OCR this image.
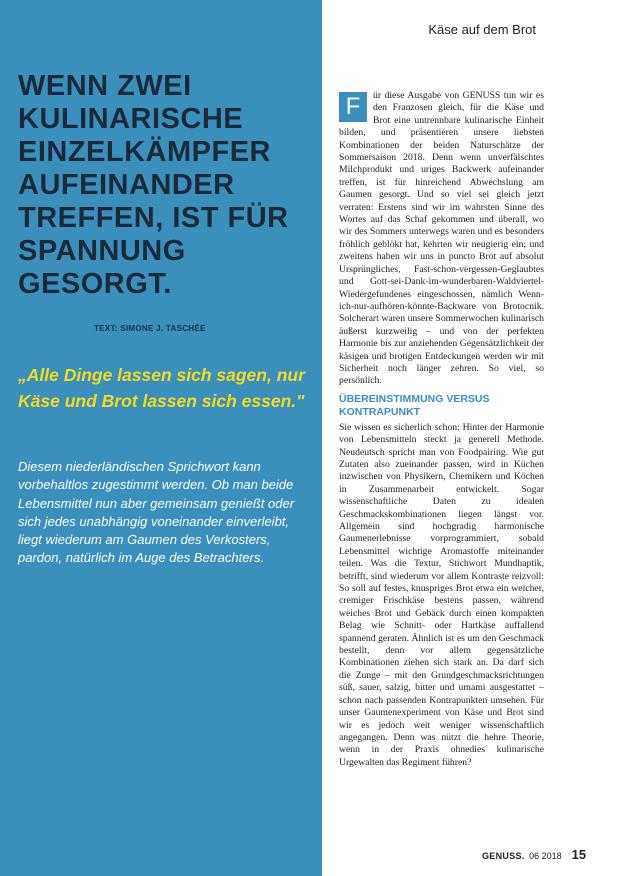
WENN ZWEI KULINARISCHE EINZELKÄMPFER AUFEINANDER TREFFEN, IST FÜR SPANNUNG GESORGT.
TEXT: SIMONE J. TASCHÉE

„Alle Dinge lassen sich sagen, nur Käse und Brot lassen sich essen."

Diesem niederländischen Sprichwort kann vorbehaltlos zugestimmt werden. Ob man beide Lebensmittel nun aber gemeinsam genießt oder sich jedes unabhängig voneinander einverleibt, liegt wiederum am Gaumen des Verkosters, pardon, natürlich im Auge des Betrachters.

Käse auf dem Brot
F	ür diese Ausgabe von GENUSS tun wir es den Franzosen gleich, für die Käse und Brot eine untrennbare kulinarische Einheit bilden, und präsentieren unsere liebsten Kombinationen der beiden Naturschätze der Sommersaison 2018. Denn wenn unverfälschtes Milchprodukt und uriges Backwerk aufeinander treffen, ist für hinreichend Abwechslung am Gaumen gesorgt. Und so viel sei gleich jetzt verraten: Erstens sind wir im wahrsten Sinne des Wortes auf das Schaf gekommen und überall, wo wir des Sommers unterwegs waren und es besonders fröhlich geblökt hat, kehrten wir neugierig ein; und zweitens haben wir uns in puncto Brot auf absolut Ursprüngliches, Fast-schon-vergessen-Geglaubtes und Gott-sei-Dank-im-wunderbaren-Waldviertel-Wiedergefundenes eingeschossen, nämlich Wenn-ich-nur-aufhören-könnte-Backware von Brotocnik. Solcherart waren unsere Sommerwochen kulinarisch äußerst kurzweilig – und von der perfekten Harmonie bis zur anziehenden Gegensätzlichkeit der käsigen und brotigen Entdeckungen werden wir mit Sicherheit noch länger zehren. So viel, so persönlich.

ÜBEREINSTIMMUNG VERSUS KONTRAPUNKT

Sie wissen es sicherlich schon: Hinter der Harmonie von Lebensmitteln steckt ja generell Methode. Neudeutsch spricht man von Foodpairing. Wie gut Zutaten also zueinander passen, wird in Küchen inzwischen von Physikern, Chemikern und Köchen in Zusammenarbeit entwickelt. Sogar wissenschaftliche Daten zu idealen Geschmackskombinationen liegen längst vor. Allgemein sind hochgradig harmonische Gaumenerlebnisse vorprogrammiert, sobald Lebensmittel wichtige Aromastoffe miteinander teilen. Was die Textur, Stichwort Mundhaptik, betrifft, sind wiederum vor allem Kontraste reizvoll: So soll auf festes, knuspriges Brot etwa ein weicher, cremiger Frischkäse bestens passen, während weiches Brot und Gebäck durch einen kompakten Belag wie Schnitt- oder Hartkäse auffallend spannend geraten. Ähnlich ist es um den Geschmack bestellt, denn vor allem gegensätzliche Kombinationen ziehen sich stark an. Da darf sich die Zunge – mit den Grundgeschmacksrichtungen süß, sauer, salzig, bitter und umami ausgestattet – schon nach passenden Kontrapunkten umsehen. Für unser Gaumenexperiment von Käse und Brot sind wir es jedoch weit weniger wissenschaftlich angegangen. Denn was nützt die hehre Theorie, wenn in der Praxis ohnedies kulinarische Urgewalten das Regiment führen?

GENUSS. 06 2018 15
